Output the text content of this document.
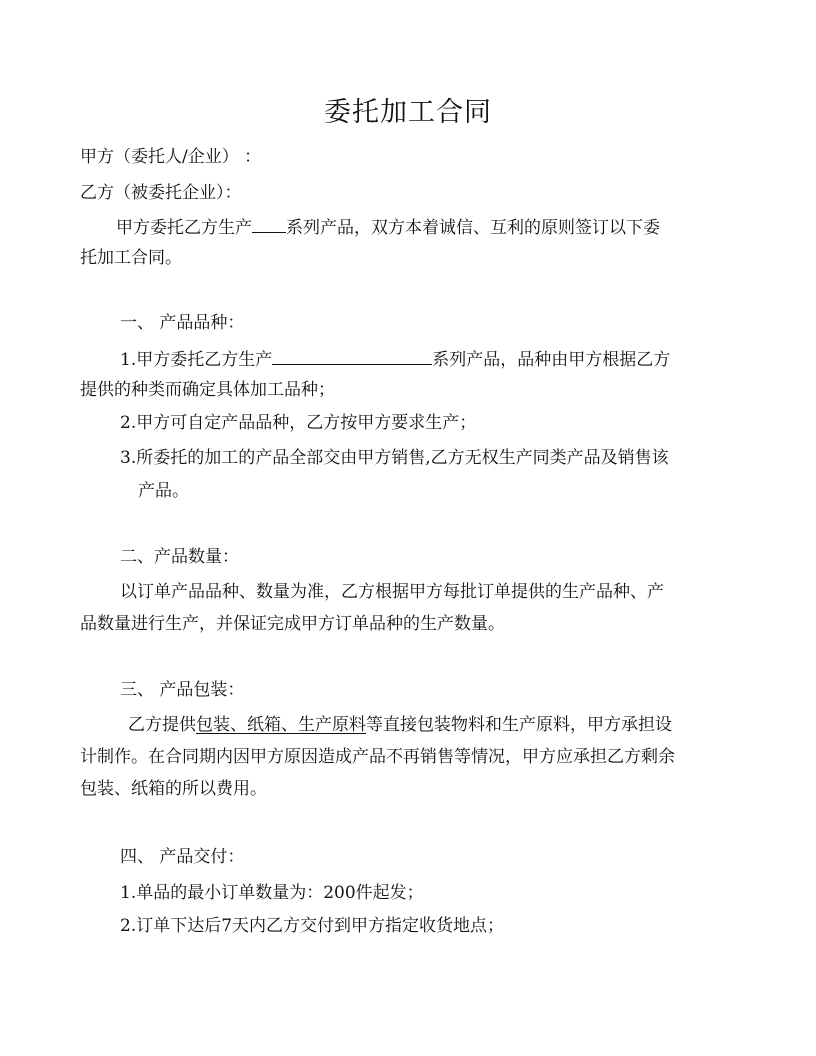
委托加工合同
甲方（委托人/企业） ：
乙方（被委托企业）：
甲方委托乙方生产 系列产品，双方本着诚信、互利的原则签订以下委
托加工合同。
一、 产品品种：
1.甲方委托乙方生产	系列产品，品种由甲方根据乙方
提供的种类而确定具体加工品种；
2.甲方可自定产品品种，乙方按甲方要求生产；
3.所委托的加工的产品全部交由甲方销售,乙方无权生产同类产品及销售该
产品。
二、产品数量：
以订单产品品种、数量为准，乙方根据甲方每批订单提供的生产品种、产
品数量进行生产，并保证完成甲方订单品种的生产数量。
三、 产品包装：
乙方提供包装、纸箱、生产原料等直接包装物料和生产原料，甲方承担设
计制作。在合同期内因甲方原因造成产品不再销售等情况，甲方应承担乙方剩余
包装、纸箱的所以费用。
四、 产品交付：
1.单品的最小订单数量为：200件起发；
2.订单下达后7天内乙方交付到甲方指定收货地点；
